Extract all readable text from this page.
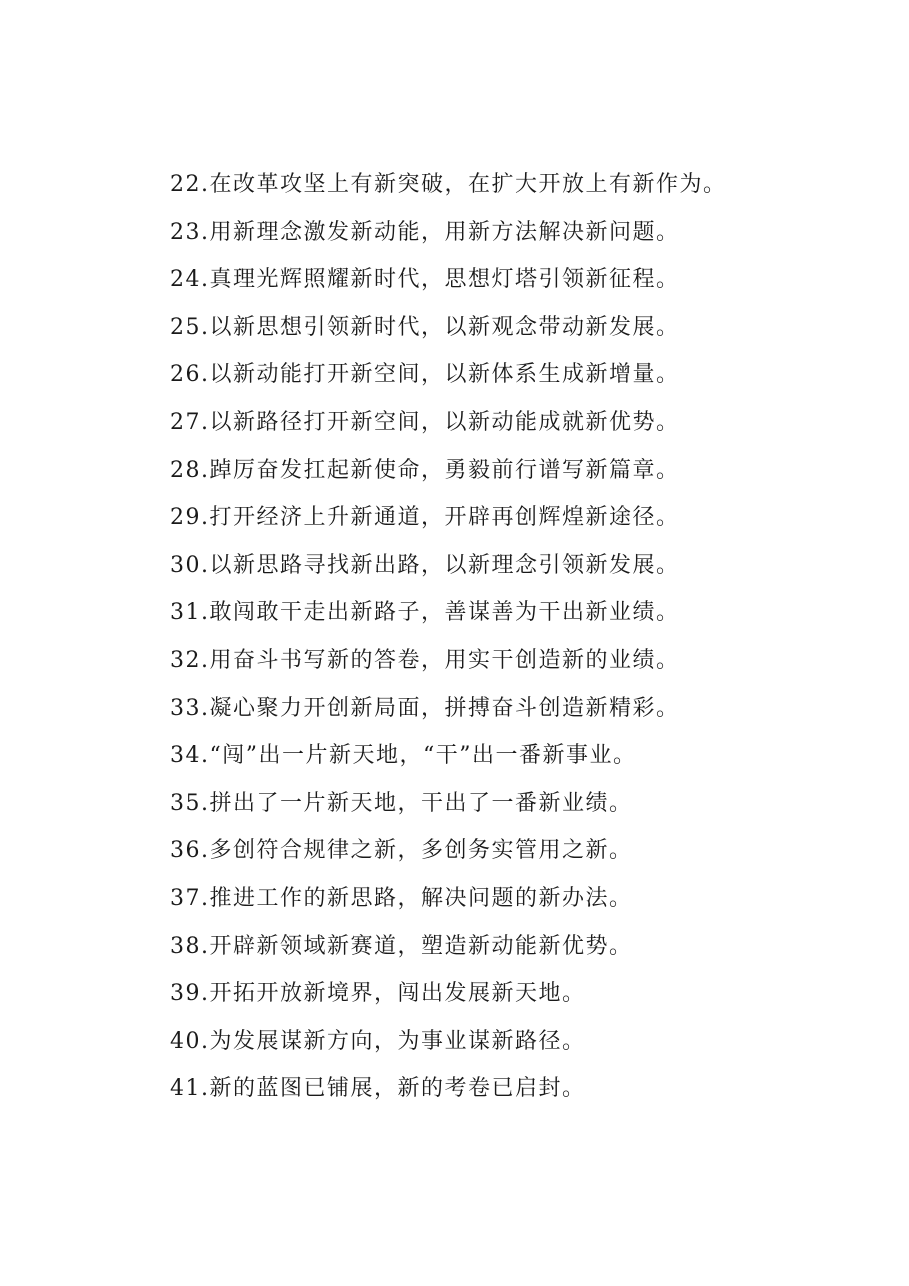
22.在改革攻坚上有新突破，在扩大开放上有新作为。
23.用新理念激发新动能，用新方法解决新问题。
24.真理光辉照耀新时代，思想灯塔引领新征程。
25.以新思想引领新时代，以新观念带动新发展。
26.以新动能打开新空间，以新体系生成新增量。
27.以新路径打开新空间，以新动能成就新优势。
28.踔厉奋发扛起新使命，勇毅前行谱写新篇章。
29.打开经济上升新通道，开辟再创辉煌新途径。
30.以新思路寻找新出路，以新理念引领新发展。
31.敢闯敢干走出新路子，善谋善为干出新业绩。
32.用奋斗书写新的答卷，用实干创造新的业绩。
33.凝心聚力开创新局面，拼搏奋斗创造新精彩。
34.“闯”出一片新天地，“干”出一番新事业。
35.拼出了一片新天地，干出了一番新业绩。
36.多创符合规律之新，多创务实管用之新。
37.推进工作的新思路，解决问题的新办法。
38.开辟新领域新赛道，塑造新动能新优势。
39.开拓开放新境界，闯出发展新天地。
40.为发展谋新方向，为事业谋新路径。
41.新的蓝图已铺展，新的考卷已启封。
